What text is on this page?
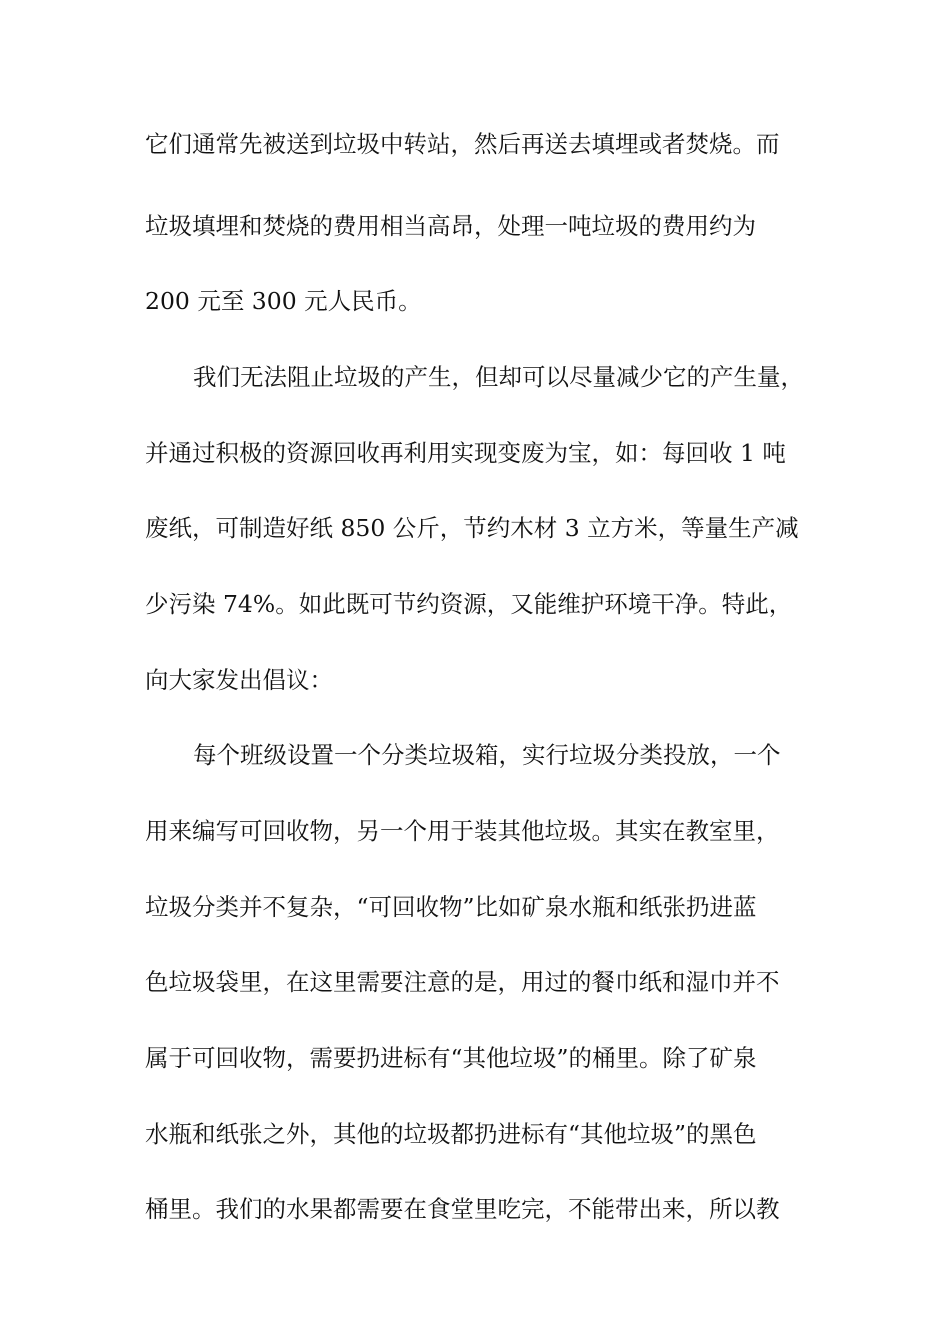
它们通常先被送到垃圾中转站，然后再送去填埋或者焚烧。而
垃圾填埋和焚烧的费用相当高昂，处理一吨垃圾的费用约为
200 元至 300 元人民币。
我们无法阻止垃圾的产生，但却可以尽量减少它的产生量，
并通过积极的资源回收再利用实现变废为宝，如：每回收 1 吨
废纸，可制造好纸 850 公斤，节约木材 3 立方米，等量生产减
少污染 74%。如此既可节约资源，又能维护环境干净。特此，
向大家发出倡议：
每个班级设置一个分类垃圾箱，实行垃圾分类投放，一个
用来编写可回收物，另一个用于装其他垃圾。其实在教室里，
垃圾分类并不复杂，“可回收物”比如矿泉水瓶和纸张扔进蓝
色垃圾袋里，在这里需要注意的是，用过的餐巾纸和湿巾并不
属于可回收物，需要扔进标有“其他垃圾”的桶里。除了矿泉
水瓶和纸张之外，其他的垃圾都扔进标有“其他垃圾”的黑色
桶里。我们的水果都需要在食堂里吃完，不能带出来，所以教
